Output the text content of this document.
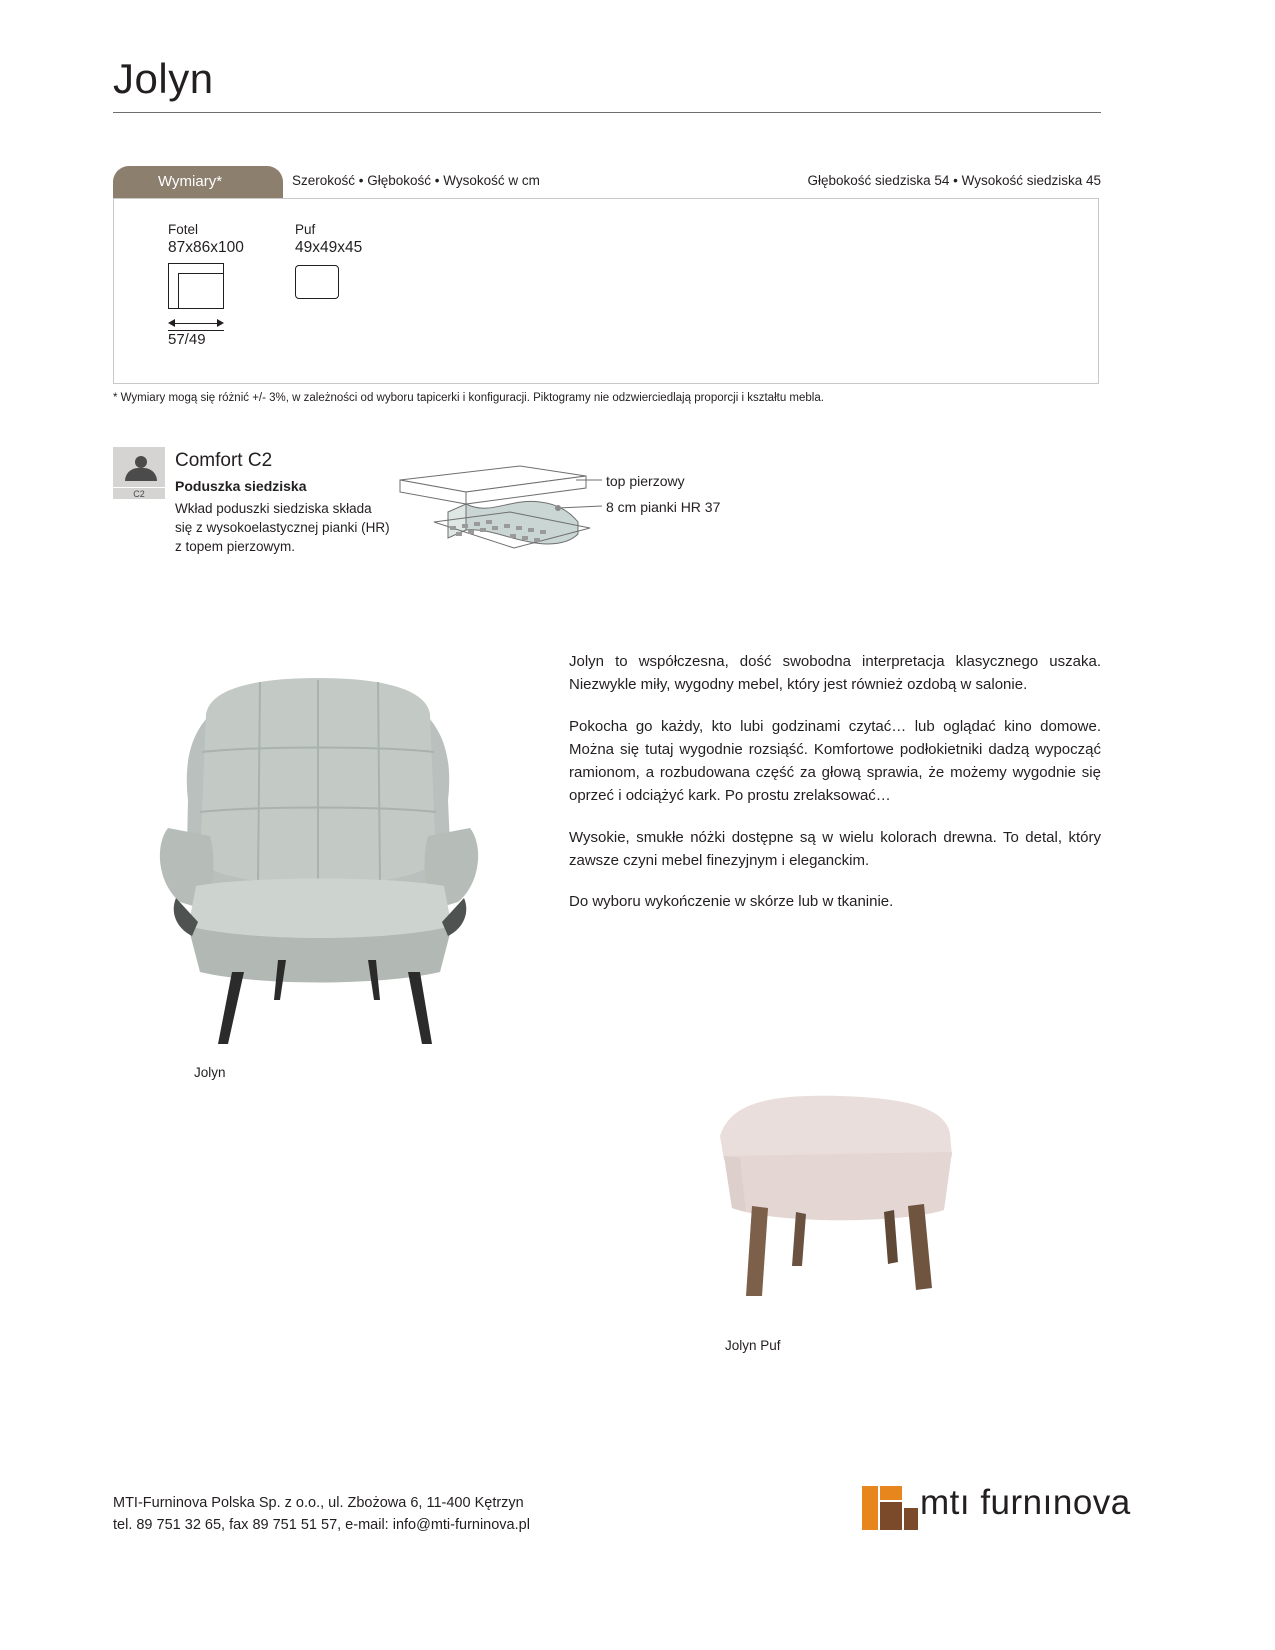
Jolyn
Wymiary*	Szerokość • Głębokość • Wysokość w cm	Głębokość siedziska 54 • Wysokość siedziska 45
Fotel
87x86x100
Puf
49x49x45
57/49
* Wymiary mogą się różnić +/- 3%, w zależności od wyboru tapicerki i konfiguracji. Piktogramy nie odzwierciedlają proporcji i kształtu mebla.
C2
Comfort C2
Poduszka siedziska
Wkład poduszki siedziska składa się z wysokoelastycznej pianki (HR) z topem pierzowym.
top pierzowy
8 cm pianki HR 37
Jolyn

Jolyn to współczesna, dość swobodna interpretacja klasycznego uszaka. Niezwykle miły, wygodny mebel, który jest również ozdobą w salonie.

Pokocha go każdy, kto lubi godzinami czytać… lub oglądać kino domowe. Można się tutaj wygodnie rozsiąść. Komfortowe podłokietniki dadzą wypocząć ramionom, a rozbudowana część za głową sprawia, że możemy wygodnie się oprzeć i odciążyć kark. Po prostu zrelaksować…

Wysokie, smukłe nóżki dostępne są w wielu kolorach drewna. To detal, który zawsze czyni mebel finezyjnym i eleganckim.

Do wyboru wykończenie w skórze lub w tkaninie.

Jolyn Puf
MTI-Furninova Polska Sp. z o.o., ul. Zbożowa 6, 11-400 Kętrzyn
tel. 89 751 32 65, fax 89 751 51 57, e-mail: info@mti-furninova.pl
mtı furnınova
